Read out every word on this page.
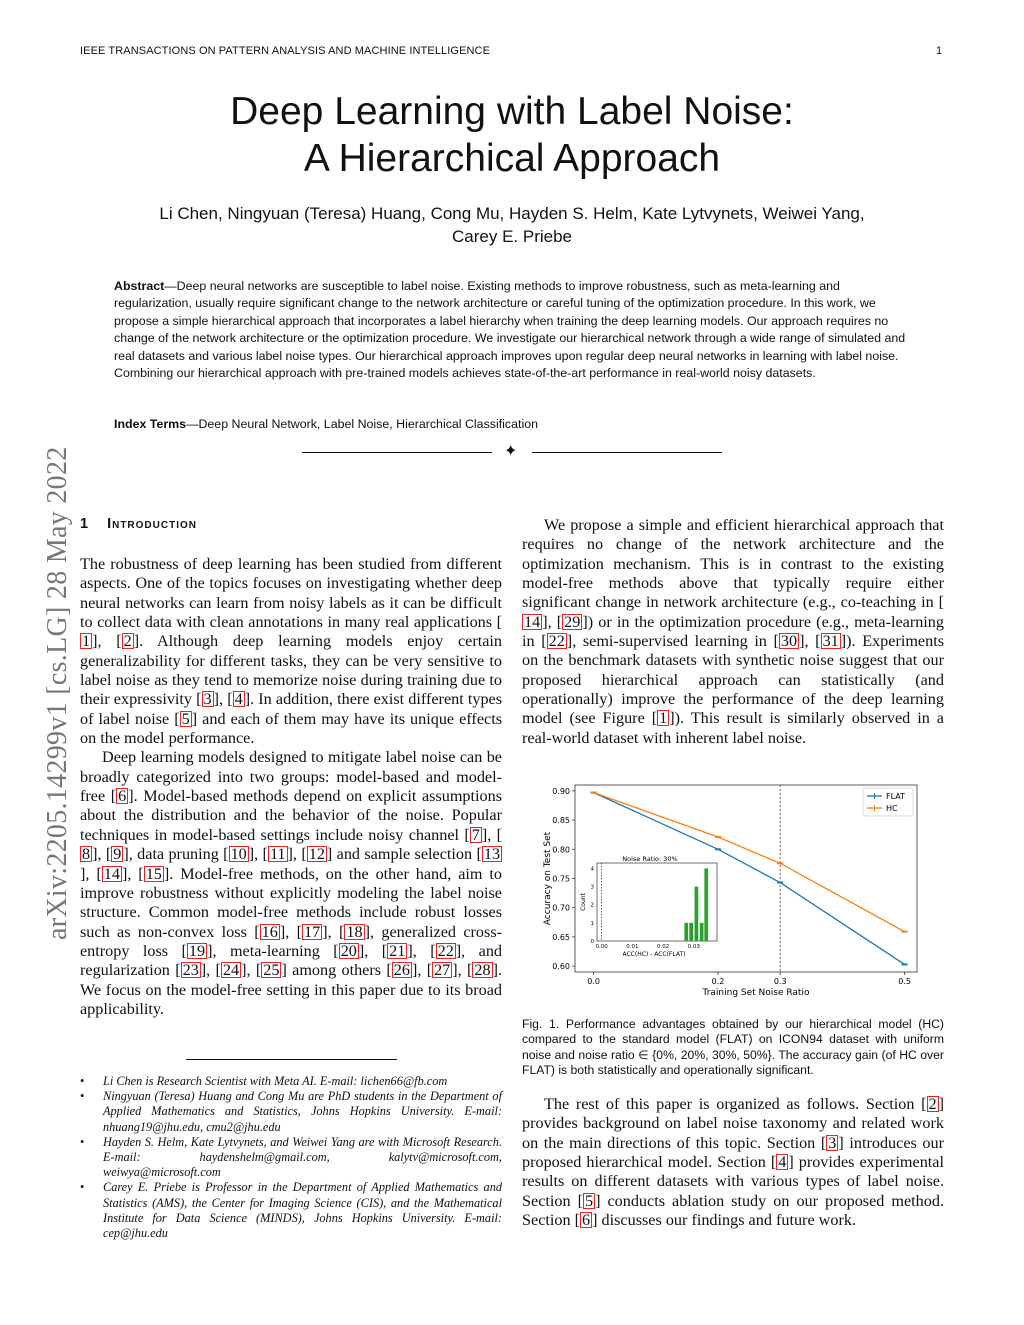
IEEE TRANSACTIONS ON PATTERN ANALYSIS AND MACHINE INTELLIGENCE	1
Deep Learning with Label Noise:
A Hierarchical Approach
Li Chen, Ningyuan (Teresa) Huang, Cong Mu, Hayden S. Helm, Kate Lytvynets, Weiwei Yang,
Carey E. Priebe
Abstract—Deep neural networks are susceptible to label noise. Existing methods to improve robustness, such as meta-learning and regularization, usually require significant change to the network architecture or careful tuning of the optimization procedure. In this work, we propose a simple hierarchical approach that incorporates a label hierarchy when training the deep learning models. Our approach requires no change of the network architecture or the optimization procedure. We investigate our hierarchical network through a wide range of simulated and real datasets and various label noise types. Our hierarchical approach improves upon regular deep neural networks in learning with label noise. Combining our hierarchical approach with pre-trained models achieves state-of-the-art performance in real-world noisy datasets.
Index Terms—Deep Neural Network, Label Noise, Hierarchical Classification
✦
arXiv:2205.14299v1 [cs.LG] 28 May 2022 1 Introduction

The robustness of deep learning has been studied from different aspects. One of the topics focuses on investigating whether deep neural networks can learn from noisy labels as it can be difficult to collect data with clean annotations in many real applications [1 ], [ 2 ]. Although deep learning models enjoy certain generalizability for different tasks, they can be very sensitive to label noise as they tend to memorize noise during training due to their expressivity [ 3 ], [ 4 ]. In addition, there exist different types of label noise [ 5 ] and each of them may have its unique effects on the model performance.

Deep learning models designed to mitigate label noise can be broadly categorized into two groups: model-based and model-free [ 6 ]. Model-based methods depend on explicit assumptions about the distribution and the behavior of the noise. Popular techniques in model-based settings include noisy channel [ 7 ], [8 ], [ 9 ], data pruning [ 10 ], [ 11 ], [ 12 ] and sample selection [ 13], [ 14 ], [ 15 ]. Model-free methods, on the other hand, aim to improve robustness without explicitly modeling the label noise structure. Common model-free methods include robust losses such as non-convex loss [ 16 ], [ 17 ], [ 18 ], generalized cross-entropy loss [ 19 ], meta-learning [ 20 ], [ 21 ], [ 22 ], and regularization [ 23 ], [ 24 ], [ 25 ] among others [ 26 ], [ 27 ], [ 28 ]. We focus on the model-free setting in this paper due to its broad applicability.

• Li Chen is Research Scientist with Meta AI. E-mail: lichen66@fb.com
• Ningyuan (Teresa) Huang and Cong Mu are PhD students in the Department of Applied Mathematics and Statistics, Johns Hopkins University. E-mail: nhuang19@jhu.edu, cmu2@jhu.edu
• Hayden S. Helm, Kate Lytvynets, and Weiwei Yang are with Microsoft Research. E-mail: haydenshelm@gmail.com, kalytv@microsoft.com, weiwya@microsoft.com
• Carey E. Priebe is Professor in the Department of Applied Mathematics and Statistics (AMS), the Center for Imaging Science (CIS), and the Mathematical Institute for Data Science (MINDS), Johns Hopkins University. E-mail: cep@jhu.edu

We propose a simple and efficient hierarchical approach that requires no change of the network architecture and the optimization mechanism. This is in contrast to the existing model-free methods above that typically require either significant change in network architecture (e.g., co-teaching in [14 ], [ 29 ]) or in the optimization procedure (e.g., meta-learning in [ 22 ], semi-supervised learning in [ 30 ], [ 31 ]). Experiments on the benchmark datasets with synthetic noise suggest that our proposed hierarchical approach can statistically (and operationally) improve the performance of the deep learning model (see Figure [ 1 ]). This result is similarly observed in a real-world dataset with inherent label noise.

0.60
0.65
0.70
0.75
0.80
0.85
0.90
0.0	0.2	0.3	0.5
Training Set Noise Ratio
Accuracy on Test Set
FLAT
HC
0
1
2
3
4
0.00	0.01	0.02	0.03
ACC(HC) - ACC(FLAT)
Count
Noise Ratio: 30%
Fig. 1. Performance advantages obtained by our hierarchical model (HC) compared to the standard model (FLAT) on ICON94 dataset with uniform noise and noise ratio ∈ {0%, 20%, 30%, 50%}. The accuracy gain (of HC over FLAT) is both statistically and operationally significant.

The rest of this paper is organized as follows. Section [ 2 ] provides background on label noise taxonomy and related work on the main directions of this topic. Section [ 3 ] introduces our proposed hierarchical model. Section [ 4 ] provides experimental results on different datasets with various types of label noise. Section [ 5 ] conducts ablation study on our proposed method. Section [ 6 ] discusses our findings and future work.
